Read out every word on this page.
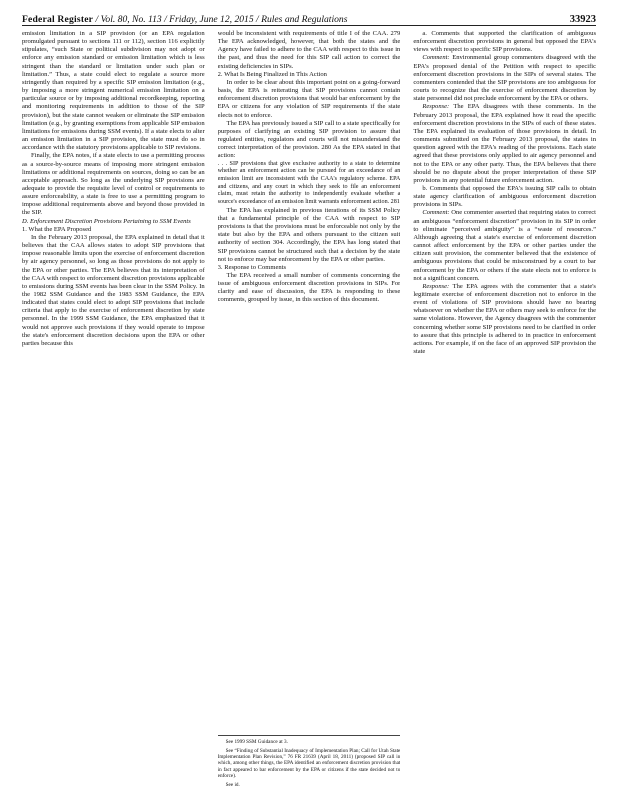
Federal Register / Vol. 80, No. 113 / Friday, June 12, 2015 / Rules and Regulations	33923

emission limitation in a SIP provision (or an EPA regulation promulgated pursuant to sections 111 or 112), section 116 explicitly stipulates, “such State or political subdivision may not adopt or enforce any emission standard or emission limitation which is less stringent than the standard or limitation under such plan or limitation.” Thus, a state could elect to regulate a source more stringently than required by a specific SIP emission limitation (e.g., by imposing a more stringent numerical emission limitation on a particular source or by imposing additional recordkeeping, reporting and monitoring requirements in addition to those of the SIP provision), but the state cannot weaken or eliminate the SIP emission limitation (e.g., by granting exemptions from applicable SIP emission limitations for emissions during SSM events). If a state elects to alter an emission limitation in a SIP provision, the state must do so in accordance with the statutory provisions applicable to SIP revisions.

Finally, the EPA notes, if a state elects to use a permitting process as a source-by-source means of imposing more stringent emission limitations or additional requirements on sources, doing so can be an acceptable approach. So long as the underlying SIP provisions are adequate to provide the requisite level of control or requirements to assure enforceability, a state is free to use a permitting program to impose additional requirements above and beyond those provided in the SIP.

D. Enforcement Discretion Provisions Pertaining to SSM Events

1. What the EPA Proposed

In the February 2013 proposal, the EPA explained in detail that it believes that the CAA allows states to adopt SIP provisions that impose reasonable limits upon the exercise of enforcement discretion by air agency personnel, so long as those provisions do not apply to the EPA or other parties. The EPA believes that its interpretation of the CAA with respect to enforcement discretion provisions applicable to emissions during SSM events has been clear in the SSM Policy. In the 1982 SSM Guidance and the 1983 SSM Guidance, the EPA indicated that states could elect to adopt SIP provisions that include criteria that apply to the exercise of enforcement discretion by state personnel. In the 1999 SSM Guidance, the EPA emphasized that it would not approve such provisions if they would operate to impose the state's enforcement discretion decisions upon the EPA or other parties because this

would be inconsistent with requirements of title I of the CAA. 279 The EPA acknowledged, however, that both the states and the Agency have failed to adhere to the CAA with respect to this issue in the past, and thus the need for this SIP call action to correct the existing deficiencies in SIPs.

2. What Is Being Finalized in This Action

In order to be clear about this important point on a going-forward basis, the EPA is reiterating that SIP provisions cannot contain enforcement discretion provisions that would bar enforcement by the EPA or citizens for any violation of SIP requirements if the state elects not to enforce.

The EPA has previously issued a SIP call to a state specifically for purposes of clarifying an existing SIP provision to assure that regulated entities, regulators and courts will not misunderstand the correct interpretation of the provision. 280 As the EPA stated in that action:

. . . SIP provisions that give exclusive authority to a state to determine whether an enforcement action can be pursued for an exceedance of an emission limit are inconsistent with the CAA's regulatory scheme. EPA and citizens, and any court in which they seek to file an enforcement claim, must retain the authority to independently evaluate whether a source's exceedance of an emission limit warrants enforcement action. 281

The EPA has explained in previous iterations of its SSM Policy that a fundamental principle of the CAA with respect to SIP provisions is that the provisions must be enforceable not only by the state but also by the EPA and others pursuant to the citizen suit authority of section 304. Accordingly, the EPA has long stated that SIP provisions cannot be structured such that a decision by the state not to enforce may bar enforcement by the EPA or other parties.

3. Response to Comments

The EPA received a small number of comments concerning the issue of ambiguous enforcement discretion provisions in SIPs. For clarity and ease of discussion, the EPA is responding to these comments, grouped by issue, in this section of this document.

See 1999 SSM Guidance at 3.

See “Finding of Substantial Inadequacy of Implementation Plan; Call for Utah State Implementation Plan Revision,” 76 FR 21639 (April 18, 2011) (proposed SIP call in which, among other things, the EPA identified an enforcement discretion provision that in fact appeared to bar enforcement by the EPA or citizens if the state decided not to enforce).

See id.

a. Comments that supported the clarification of ambiguous enforcement discretion provisions in general but opposed the EPA's views with respect to specific SIP provisions.

Comment: Environmental group commenters disagreed with the EPA's proposed denial of the Petition with respect to specific enforcement discretion provisions in the SIPs of several states. The commenters contended that the SIP provisions are too ambiguous for courts to recognize that the exercise of enforcement discretion by state personnel did not preclude enforcement by the EPA or others.

Response: The EPA disagrees with these comments. In the February 2013 proposal, the EPA explained how it read the specific enforcement discretion provisions in the SIPs of each of these states. The EPA explained its evaluation of those provisions in detail. In comments submitted on the February 2013 proposal, the states in question agreed with the EPA's reading of the provisions. Each state agreed that these provisions only applied to air agency personnel and not to the EPA or any other party. Thus, the EPA believes that there should be no dispute about the proper interpretation of these SIP provisions in any potential future enforcement action.

b. Comments that opposed the EPA's issuing SIP calls to obtain state agency clarification of ambiguous enforcement discretion provisions in SIPs.

Comment: One commenter asserted that requiring states to correct an ambiguous “enforcement discretion” provision in its SIP in order to eliminate “perceived ambiguity” is a “waste of resources.” Although agreeing that a state's exercise of enforcement discretion cannot affect enforcement by the EPA or other parties under the citizen suit provision, the commenter believed that the existence of ambiguous provisions that could be misconstrued by a court to bar enforcement by the EPA or others if the state elects not to enforce is not a significant concern.

Response: The EPA agrees with the commenter that a state's legitimate exercise of enforcement discretion not to enforce in the event of violations of SIP provisions should have no bearing whatsoever on whether the EPA or others may seek to enforce for the same violations. However, the Agency disagrees with the commenter concerning whether some SIP provisions need to be clarified in order to assure that this principle is adhered to in practice in enforcement actions. For example, if on the face of an approved SIP provision the state
